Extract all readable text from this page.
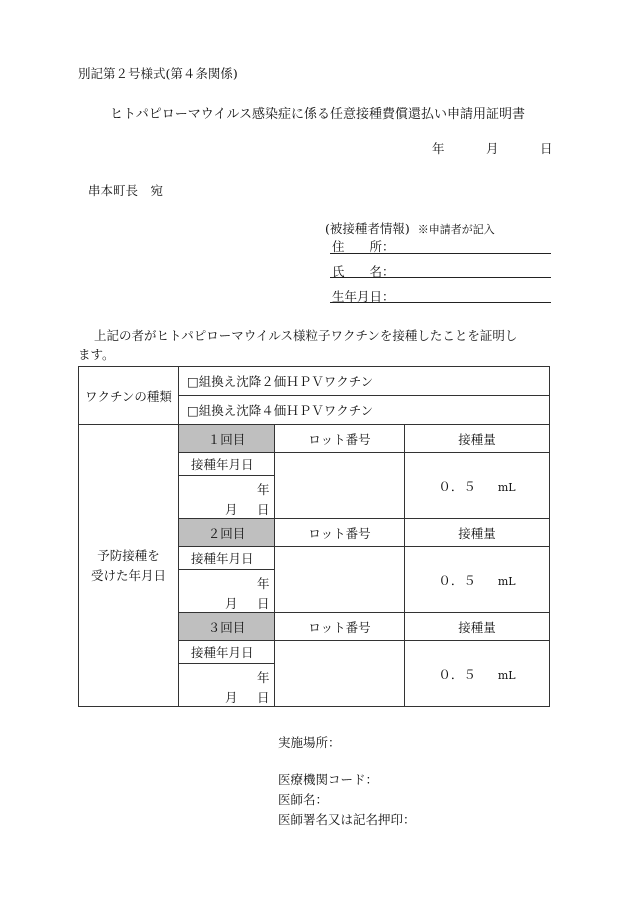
別記第２号様式(第４条関係)
ヒトパピローマウイルス感染症に係る任意接種費償還払い申請用証明書
年	月	日
串本町長　宛
(被接種者情報) ※申請者が記入
住　　所：
氏　　名：
生年月日：
上記の者がヒトパピローマウイルス様粒子ワクチンを接種したことを証明し
ます。
ワクチンの種類	□組換え沈降２価ＨＰＶワクチン		
	□組換え沈降４価ＨＰＶワクチン		

予防接種を
受けた年月日	１回目	ロット番号	接種量
	接種年月日		０．５ mL

	年
月 日		

	２回目	ロット番号	接種量
	接種年月日		０．５ mL

	年
月 日		

	３回目	ロット番号	接種量
	接種年月日		０．５ mL

	年
月 日		
実施場所：
医療機関コード：
医師名：
医師署名又は記名押印：
